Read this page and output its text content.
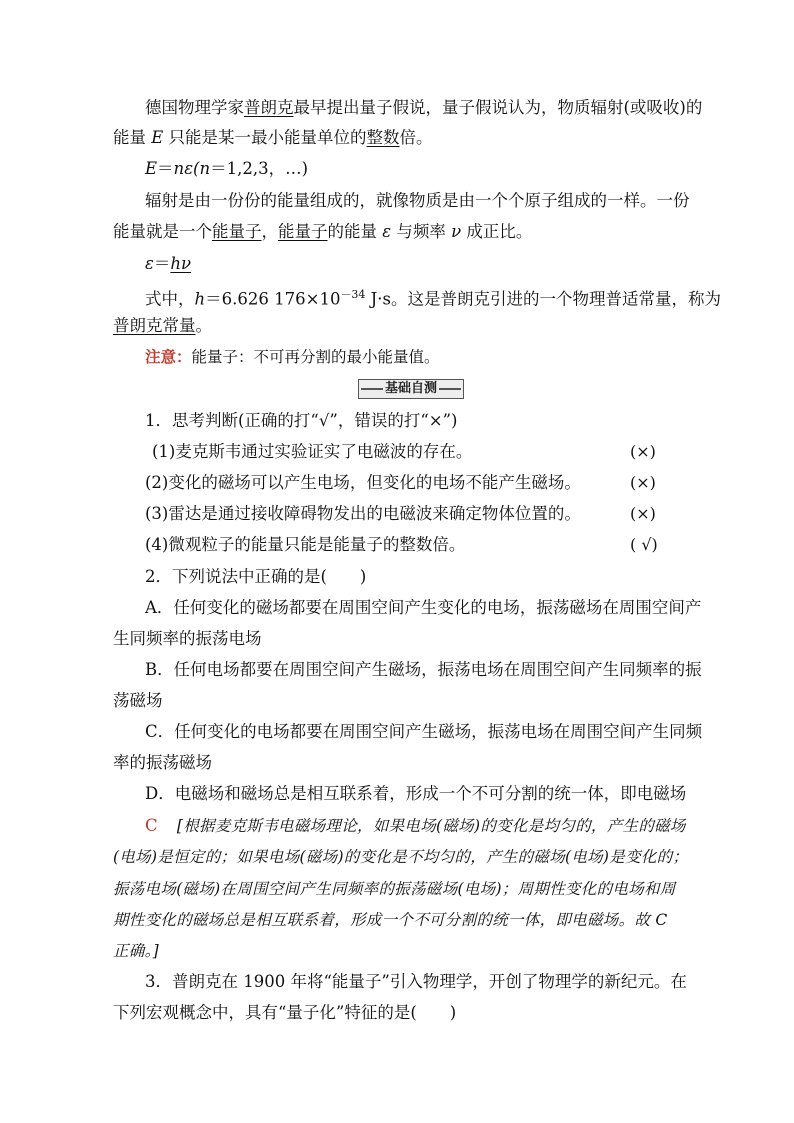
德国物理学家普朗克最早提出量子假说，量子假说认为，物质辐射(或吸收)的
能量 E 只能是某一最小能量单位的整数倍。
E＝nε(n＝1,2,3，…)
辐射是由一份份的能量组成的，就像物质是由一个个原子组成的一样。一份
能量就是一个能量子，能量子的能量 ε 与频率 ν 成正比。
ε＝hν
式中，h＝6.626 $176\times 10^{-34}$ J·s。这是普朗克引进的一个物理普适常量，称为
普朗克常量。
注意：能量子：不可再分割的最小能量值。
基础自测
1．思考判断(正确的打“√”，错误的打“×”)
(1)麦克斯韦通过实验证实了电磁波的存在。	(×)
(2)变化的磁场可以产生电场，但变化的电场不能产生磁场。	(×)
(3)雷达是通过接收障碍物发出的电磁波来确定物体位置的。	(×)
(4)微观粒子的能量只能是能量子的整数倍。	( √)
2．下列说法中正确的是(　　)
A．任何变化的磁场都要在周围空间产生变化的电场，振荡磁场在周围空间产
生同频率的振荡电场
B．任何电场都要在周围空间产生磁场，振荡电场在周围空间产生同频率的振
荡磁场
C．任何变化的电场都要在周围空间产生磁场，振荡电场在周围空间产生同频
率的振荡磁场
D．电磁场和磁场总是相互联系着，形成一个不可分割的统一体，即电磁场
C [根据麦克斯韦电磁场理论，如果电场(磁场)的变化是均匀的，产生的磁场
(电场)是恒定的；如果电场(磁场)的变化是不均匀的，产生的磁场(电场)是变化的；
振荡电场(磁场)在周围空间产生同频率的振荡磁场(电场)；周期性变化的电场和周
期性变化的磁场总是相互联系着，形成一个不可分割的统一体，即电磁场。故 C
正确。]
3．普朗克在 1900 年将“能量子”引入物理学，开创了物理学的新纪元。在
下列宏观概念中，具有“量子化”特征的是(　　)
